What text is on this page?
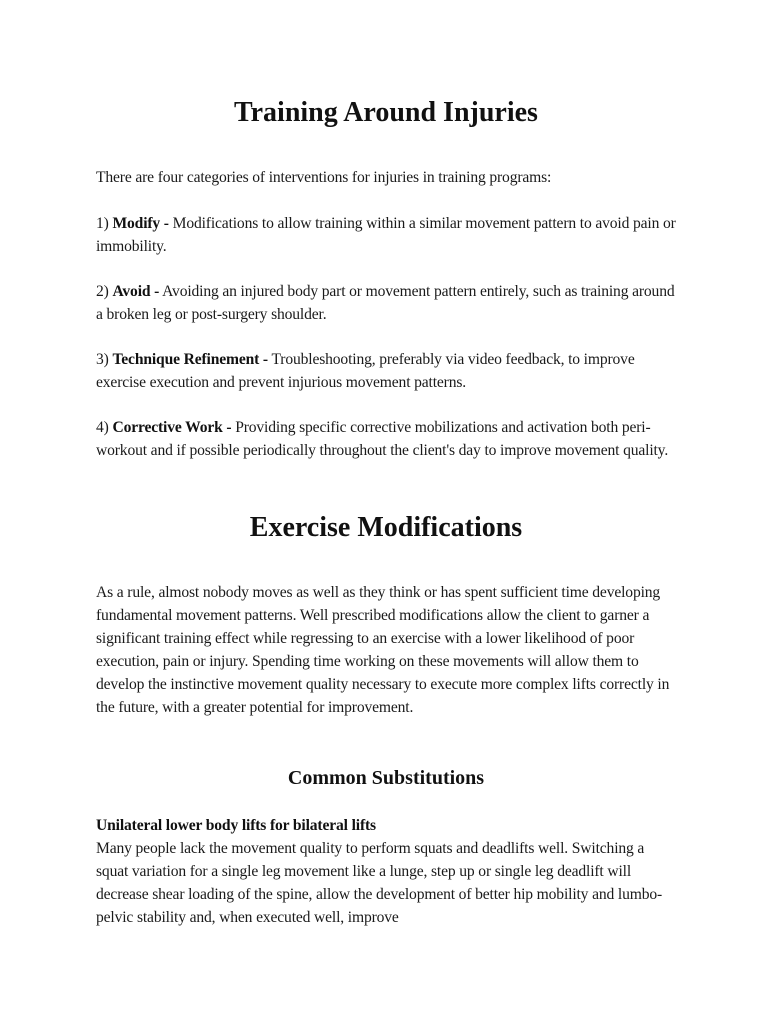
Training Around Injuries

There are four categories of interventions for injuries in training programs:

1) Modify - Modifications to allow training within a similar movement pattern to avoid pain or immobility.

2) Avoid - Avoiding an injured body part or movement pattern entirely, such as training around a broken leg or post-surgery shoulder.

3) Technique Refinement - Troubleshooting, preferably via video feedback, to improve exercise execution and prevent injurious movement patterns.

4) Corrective Work - Providing specific corrective mobilizations and activation both peri-workout and if possible periodically throughout the client's day to improve movement quality.

Exercise Modifications

As a rule, almost nobody moves as well as they think or has spent sufficient time developing fundamental movement patterns. Well prescribed modifications allow the client to garner a significant training effect while regressing to an exercise with a lower likelihood of poor execution, pain or injury. Spending time working on these movements will allow them to develop the instinctive movement quality necessary to execute more complex lifts correctly in the future, with a greater potential for improvement.

Common Substitutions

Unilateral lower body lifts for bilateral lifts

Many people lack the movement quality to perform squats and deadlifts well. Switching a squat variation for a single leg movement like a lunge, step up or single leg deadlift will decrease shear loading of the spine, allow the development of better hip mobility and lumbo-pelvic stability and, when executed well, improve
